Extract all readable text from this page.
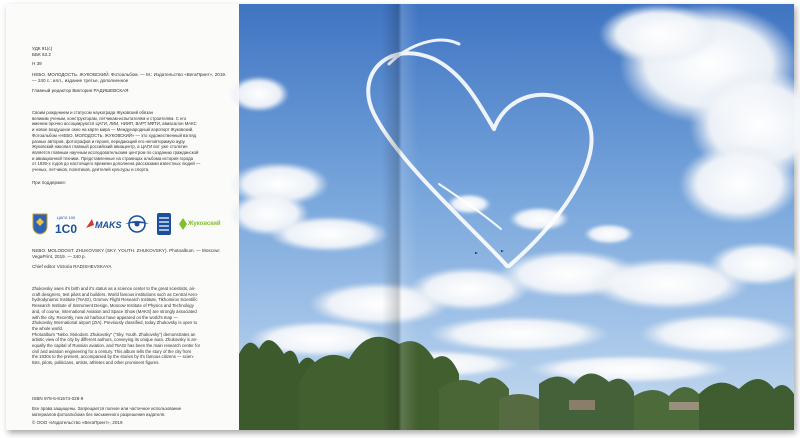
УДК 91(с)
ББК 63.2
Н 39
НЕБО. МОЛОДОСТЬ. ЖУКОВСКИЙ. Фотоальбом. — М.: Издательство «ВегаПринт», 2019. — 240 с.: илл., издание третье, дополненное
Главный редактор Виктория РАДИШЕВСКАЯ
Своим рождением и статусом наукограда Жуковский обязан
великим ученым, конструкторам, летчикам-испытателям и строителям. С его
именем прочно ассоциируются ЦАГИ, ЛИИ, НИИП, ВАРТ МФТИ, авиасалон МАКС
и новое воздушное окно на карте мира — Международный аэропорт Жуковский.
Фотоальбом «НЕБО. МОЛОДОСТЬ. ЖУКОВСКИЙ» — это художественный взгляд
разных авторов, фотографов и героев, передающий его неповторимую ауру.
Жуковский накопил главный российский авиацентр, а ЦАГИ вот уже столетие
является главным научным исследовательским центром по созданию гражданской
и авиационной техники. Представленные на страницах альбома история города
от 1930-х годов до настоящего времени дополнена рассказами известных людей —
ученых, летчиков, политиков, деятелей культуры и спорта.
При поддержке:
ЦАГИ 100
1C0 MAKS	Жуковский
NEBO. MOLODOST. ZHUKOVSKY (SKY. YOUTH. ZHUKOVSKY). Photoalbum. — Moscow: VegaPrint, 2019. — 240 p.
Chief editor Victoria RADISHEVSKAYA
Zhukovsky owes it's birth and it's status as a science center to the great scientists, air-
craft designers, test pilots and builders. World famous institutions such as Central Aero-
hydrodynamic Institute (TsAGI), Gromov Flight Research Institute, Tikhomirov Scientific
Research Institute of Instrument Design, Moscow Institute of Physics and Technology
and, of course, International Aviation and Space Show (MAKS) are strongly associated
with the city. Recently, new air harbour have appeared on the world's map —
Zhukovsky International airport (ZIA). Previously classified, today Zhukovsky is open to
the whole world.
Photoalbum "Nebo. Molodost. Zhukovsky" ("Sky. Youth. Zhukovsky") demonstrates an
artistic view of the city by different authors, conveying its unique aura. Zhukovsky is an-
equally the capital of Russian aviation, and TsAGI has been the main research center for
civil and aviation engineering for a century. This album tells the story of the city from
the 1930s to the present, accompanied by the stories by it's famous citizens — scien-
tists, pilots, politicians, artists, athletes and other prominent figures.
ISBN 978-5-91574-028-9
Все права защищены. Запрещается полное или частичное использование
материалов фотоальбома без письменного разрешения издателя.
© ООО «Издательство «ВегаПринт», 2019
